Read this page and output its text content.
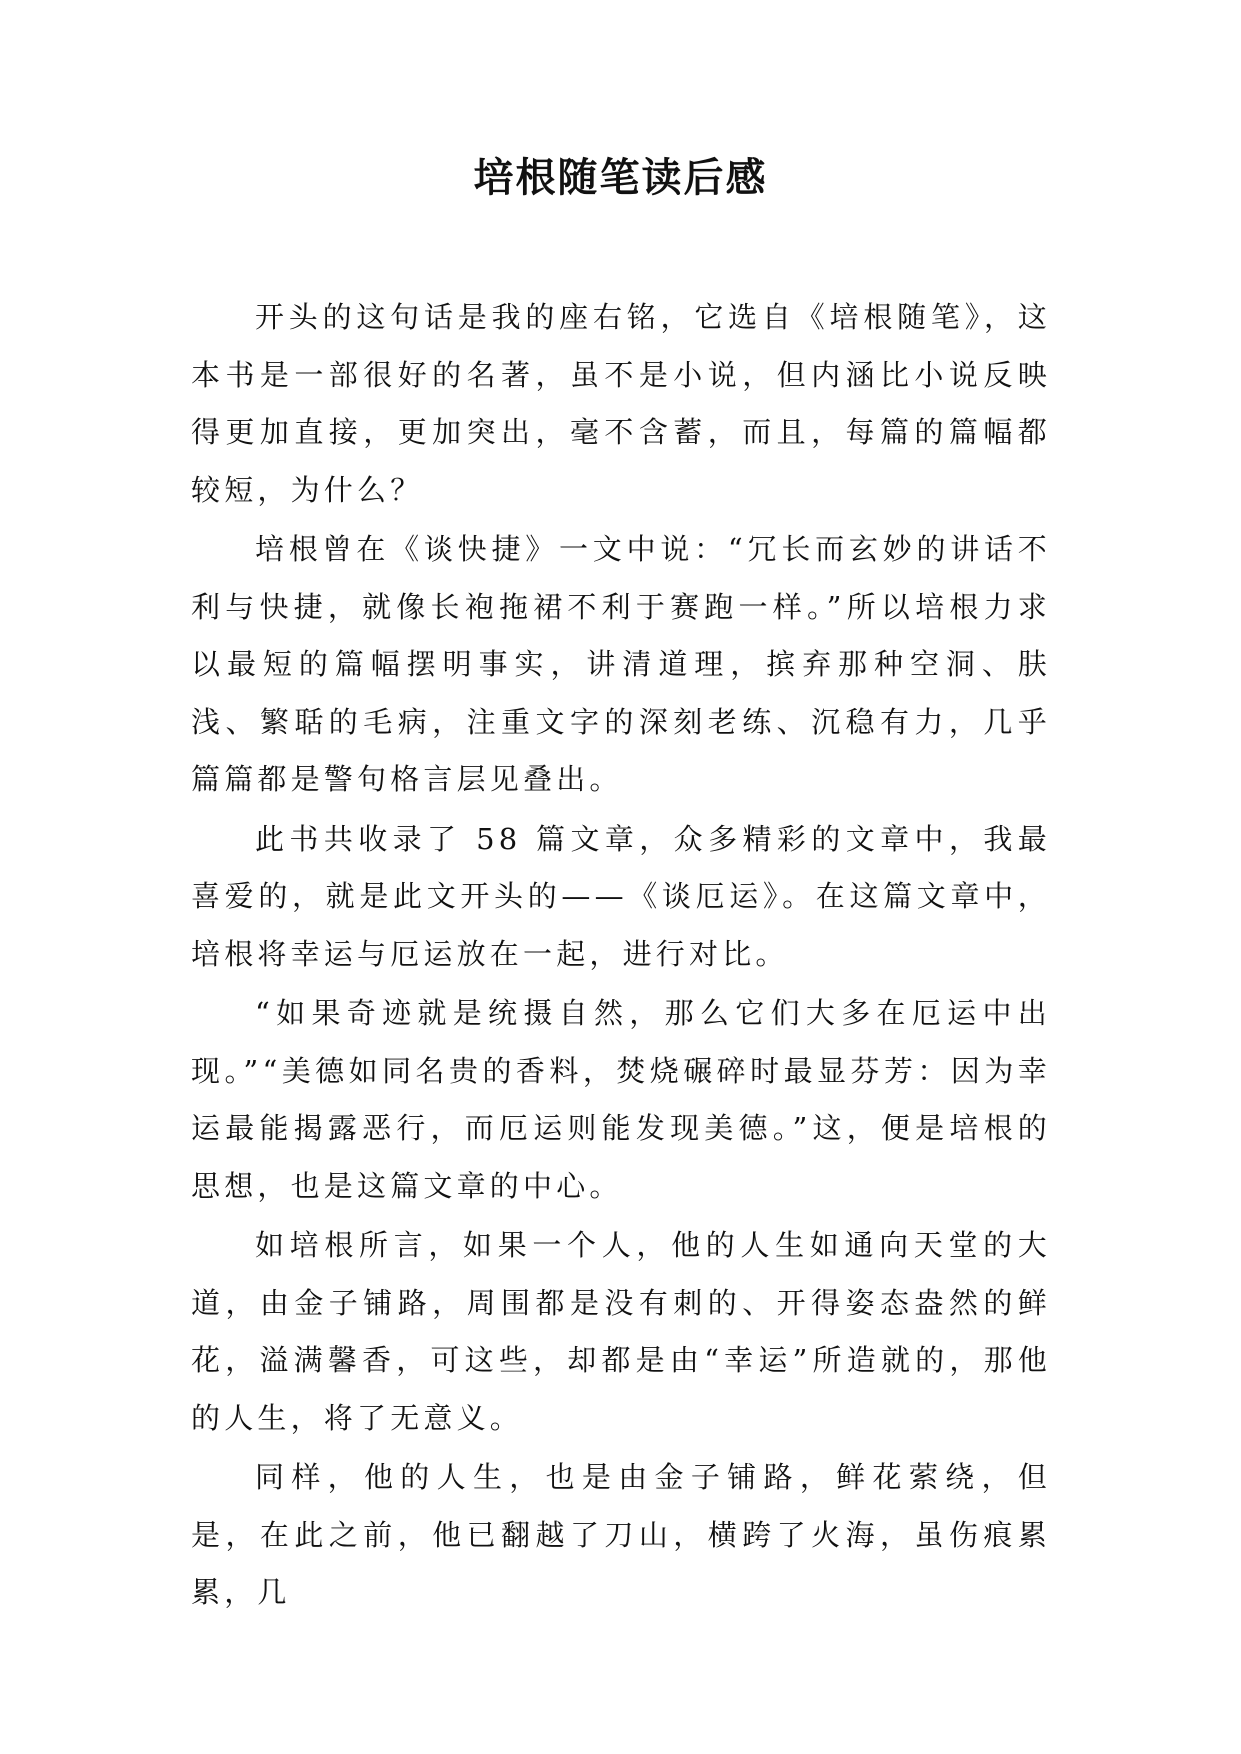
培根随笔读后感

开头的这句话是我的座右铭，它选自《培根随笔》，这本书是一部很好的名著，虽不是小说，但内涵比小说反映得更加直接，更加突出，毫不含蓄，而且，每篇的篇幅都较短，为什么？

培根曾在《谈快捷》一文中说：“冗长而玄妙的讲话不利与快捷，就像长袍拖裙不利于赛跑一样。”所以培根力求以最短的篇幅摆明事实，讲清道理，摈弃那种空洞、肤浅、繁聒的毛病，注重文字的深刻老练、沉稳有力，几乎篇篇都是警句格言层见叠出。

此书共收录了 58 篇文章，众多精彩的文章中，我最喜爱的，就是此文开头的——《谈厄运》。在这篇文章中，培根将幸运与厄运放在一起，进行对比。

“如果奇迹就是统摄自然，那么它们大多在厄运中出现。”“美德如同名贵的香料，焚烧碾碎时最显芬芳：因为幸运最能揭露恶行，而厄运则能发现美德。”这，便是培根的思想，也是这篇文章的中心。

如培根所言，如果一个人，他的人生如通向天堂的大道，由金子铺路，周围都是没有刺的、开得姿态盎然的鲜花，溢满馨香，可这些，却都是由“幸运”所造就的，那他的人生，将了无意义。

同样，他的人生，也是由金子铺路，鲜花萦绕，但是，在此之前，他已翻越了刀山，横跨了火海，虽伤痕累累，几
